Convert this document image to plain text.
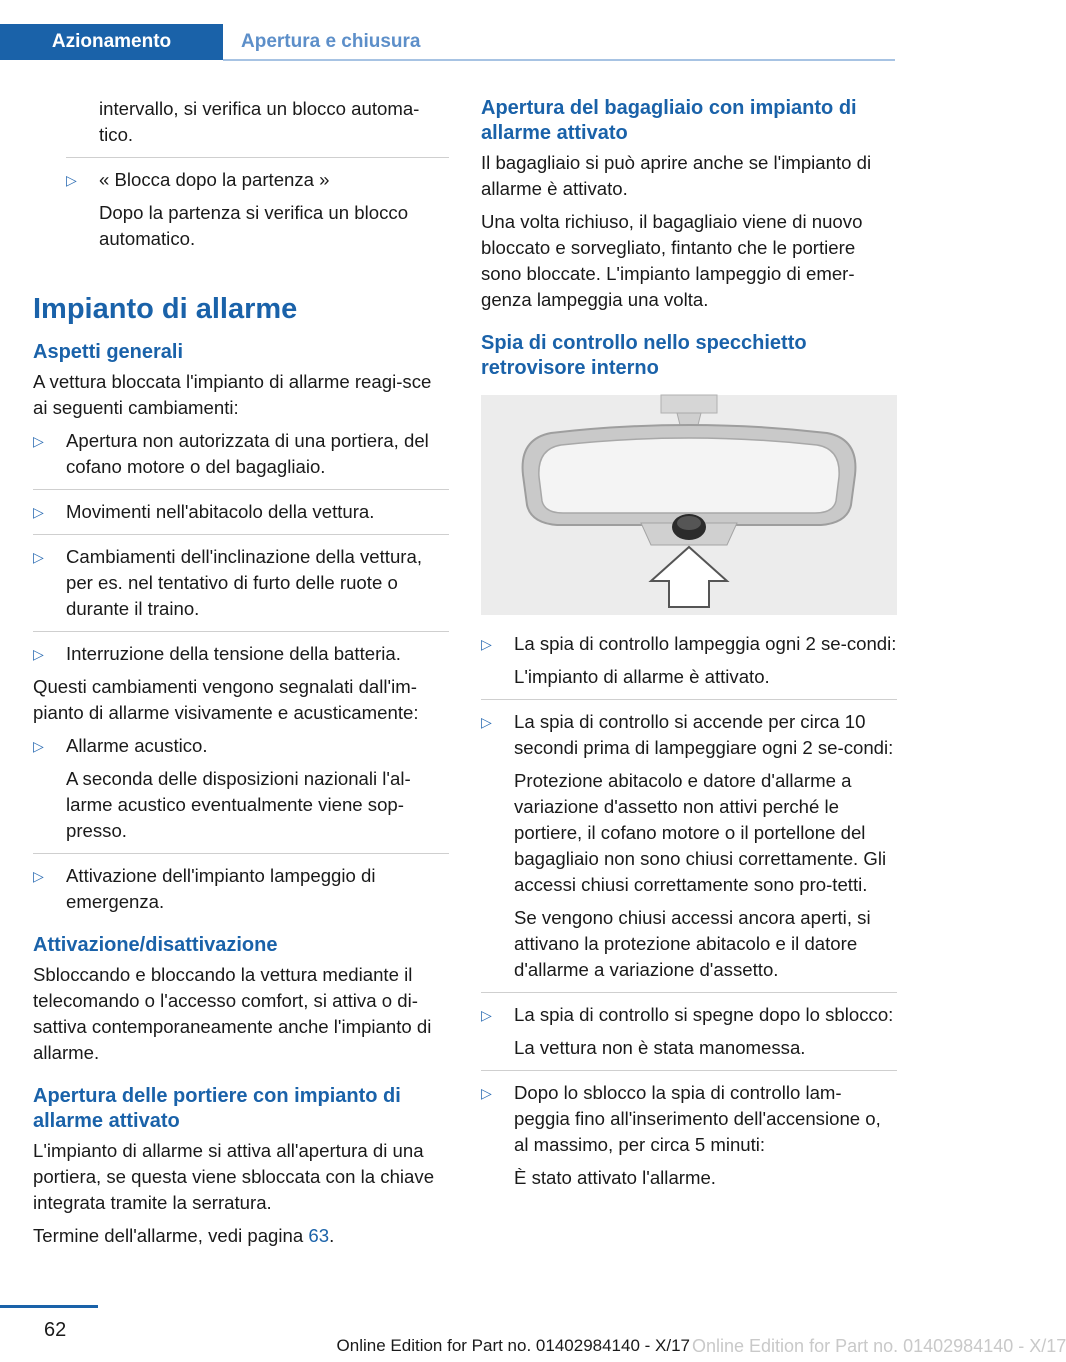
Azionamento	Apertura e chiusura

intervallo, si verifica un blocco automa-tico.

▷ « Blocca dopo la partenza »

Dopo la partenza si verifica un blocco automatico.

Impianto di allarme
Aspetti generali

A vettura bloccata l'impianto di allarme reagi-sce ai seguenti cambiamenti:

▷ Apertura non autorizzata di una portiera, del cofano motore o del bagagliaio.

▷ Movimenti nell'abitacolo della vettura.

▷ Cambiamenti dell'inclinazione della vettura, per es. nel tentativo di furto delle ruote o durante il traino.

▷ Interruzione della tensione della batteria.

Questi cambiamenti vengono segnalati dall'im-pianto di allarme visivamente e acusticamente:

▷ Allarme acustico.

A seconda delle disposizioni nazionali l'al-larme acustico eventualmente viene sop-presso.

▷ Attivazione dell'impianto lampeggio di emergenza.

Attivazione/disattivazione

Sbloccando e bloccando la vettura mediante il telecomando o l'accesso comfort, si attiva o di-sattiva contemporaneamente anche l'impianto di allarme.

Apertura delle portiere con impianto di allarme attivato

L'impianto di allarme si attiva all'apertura di una portiera, se questa viene sbloccata con la chiave integrata tramite la serratura.

Termine dell'allarme, vedi pagina 63.

Apertura del bagagliaio con impianto di allarme attivato

Il bagagliaio si può aprire anche se l'impianto di allarme è attivato.

Una volta richiuso, il bagagliaio viene di nuovo bloccato e sorvegliato, fintanto che le portiere sono bloccate. L'impianto lampeggio di emer-genza lampeggia una volta.

Spia di controllo nello specchietto retrovisore interno
▷ La spia di controllo lampeggia ogni 2 se-condi:

L'impianto di allarme è attivato.

▷ La spia di controllo si accende per circa 10 secondi prima di lampeggiare ogni 2 se-condi:

Protezione abitacolo e datore d'allarme a variazione d'assetto non attivi perché le portiere, il cofano motore o il portellone del bagagliaio non sono chiusi correttamente. Gli accessi chiusi correttamente sono pro-tetti.

Se vengono chiusi accessi ancora aperti, si attivano la protezione abitacolo e il datore d'allarme a variazione d'assetto.

▷ La spia di controllo si spegne dopo lo sblocco:

La vettura non è stata manomessa.

▷ Dopo lo sblocco la spia di controllo lam-peggia fino all'inserimento dell'accensione o, al massimo, per circa 5 minuti:

È stato attivato l'allarme.

62
Online Edition for Part no. 01402984140 - X/17 Online Edition for Part no. 01402984140 - X/17
